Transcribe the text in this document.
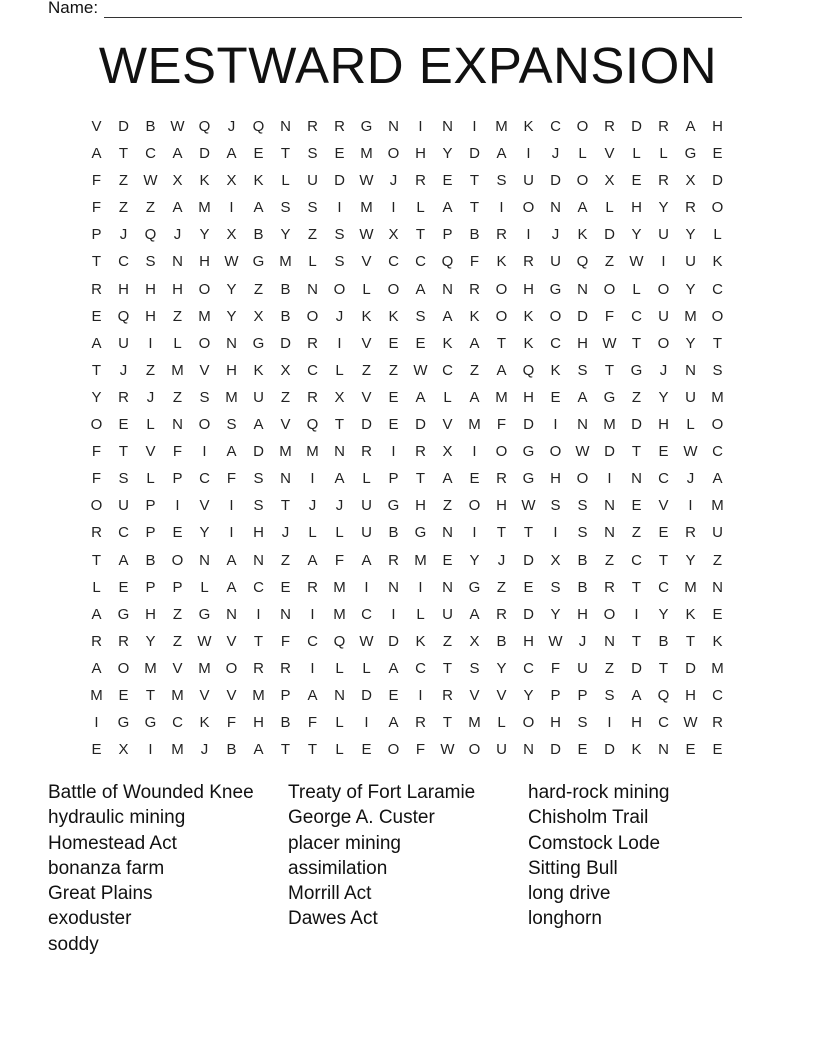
Name:
WESTWARD EXPANSION
V	D	B W Q	J	Q	N	R	R	G	N	I	N	I	M	K	C	O	R	D	R	A	H
A	T	C	A	D	A	E	T	S	E	M O	H	Y	D	A	I	J	L	V	L	L	G	E
F	Z	W X	K	X	K	L	U	D W	J	R	E	T	S	U	D	O	X	E	R	X	D
F	Z	Z	A	M	I	A	S	S	I	M	I	L	A	T	I	O	N	A	L	H	Y	R	O
P	J	Q	J	Y	X	B	Y	Z	S W X	T	P	B	R	I	J	K	D	Y	U	Y	L
T	C	S	N	H W G M	L	S	V	C	C	Q	F	K	R	U	Q	Z	W	I	U	K
R	H	H	H	O	Y	Z	B	N	O	L	O	A	N	R	O	H	G	N	O	L	O	Y	C
E	Q	H	Z	M	Y	X	B	O	J	K	K	S	A	K	O	K	O	D	F	C	U	M O
A	U	I	L	O	N	G	D	R	I	V	E	E	K	A	T	K	C	H W	T	O	Y	T
T	J	Z	M	V	H	K	X	C	L	Z	Z	W C	Z	A	Q	K	S	T	G	J	N	S
Y	R	J	Z	S	M	U	Z	R	X	V	E	A	L	A	M	H	E	A	G	Z	Y	U	M
O	E	L	N	O	S	A	V	Q	T	D	E	D	V	M	F	D	I	N	M	D	H	L	O
F	T	V	F	I	A	D	M M	N	R	I	R	X	I	O	G	O W D	T	E W C
F	S	L	P	C	F	S	N	I	A	L	P	T	A	E	R	G	H	O	I	N	C	J	A
O	U	P	I	V	I	S	T	J	J	U	G	H	Z	O	H W S	S	N	E	V	I	M
R	C	P	E	Y	I	H	J	L	L	U	B	G	N	I	T	T	I	S	N	Z	E	R	U
T	A	B	O	N	A	N	Z	A	F	A	R	M	E	Y	J	D	X	B	Z	C	T	Y	Z
L	E	P	P	L	A	C	E	R	M	I	N	I	N	G	Z	E	S	B	R	T	C	M	N
A	G	H	Z	G	N	I	N	I	M	C	I	L	U	A	R	D	Y	H	O	I	Y	K	E
R	R	Y	Z	W V	T	F	C	Q W D	K	Z	X	B	H W	J	N	T	B	T	K
A	O M	V	M O	R	R	I	L	L	A	C	T	S	Y	C	F	U	Z	D	T	D	M
M	E	T	M	V	V	M	P	A	N	D	E	I	R	V	V	Y	P	P	S	A	Q	H	C
I	G	G	C	K	F	H	B	F	L	I	A	R	T	M	L	O	H	S	I	H	C W R
E	X	I	M	J	B	A	T	T	L	E	O	F	W O	U	N	D	E	D	K	N	E	E
Battle of Wounded Knee
hydraulic mining
Homestead Act
bonanza farm
Great Plains
exoduster
soddy
Treaty of Fort Laramie
George A. Custer
placer mining
assimilation
Morrill Act
Dawes Act
hard-rock mining
Chisholm Trail
Comstock Lode
Sitting Bull
long drive
longhorn
